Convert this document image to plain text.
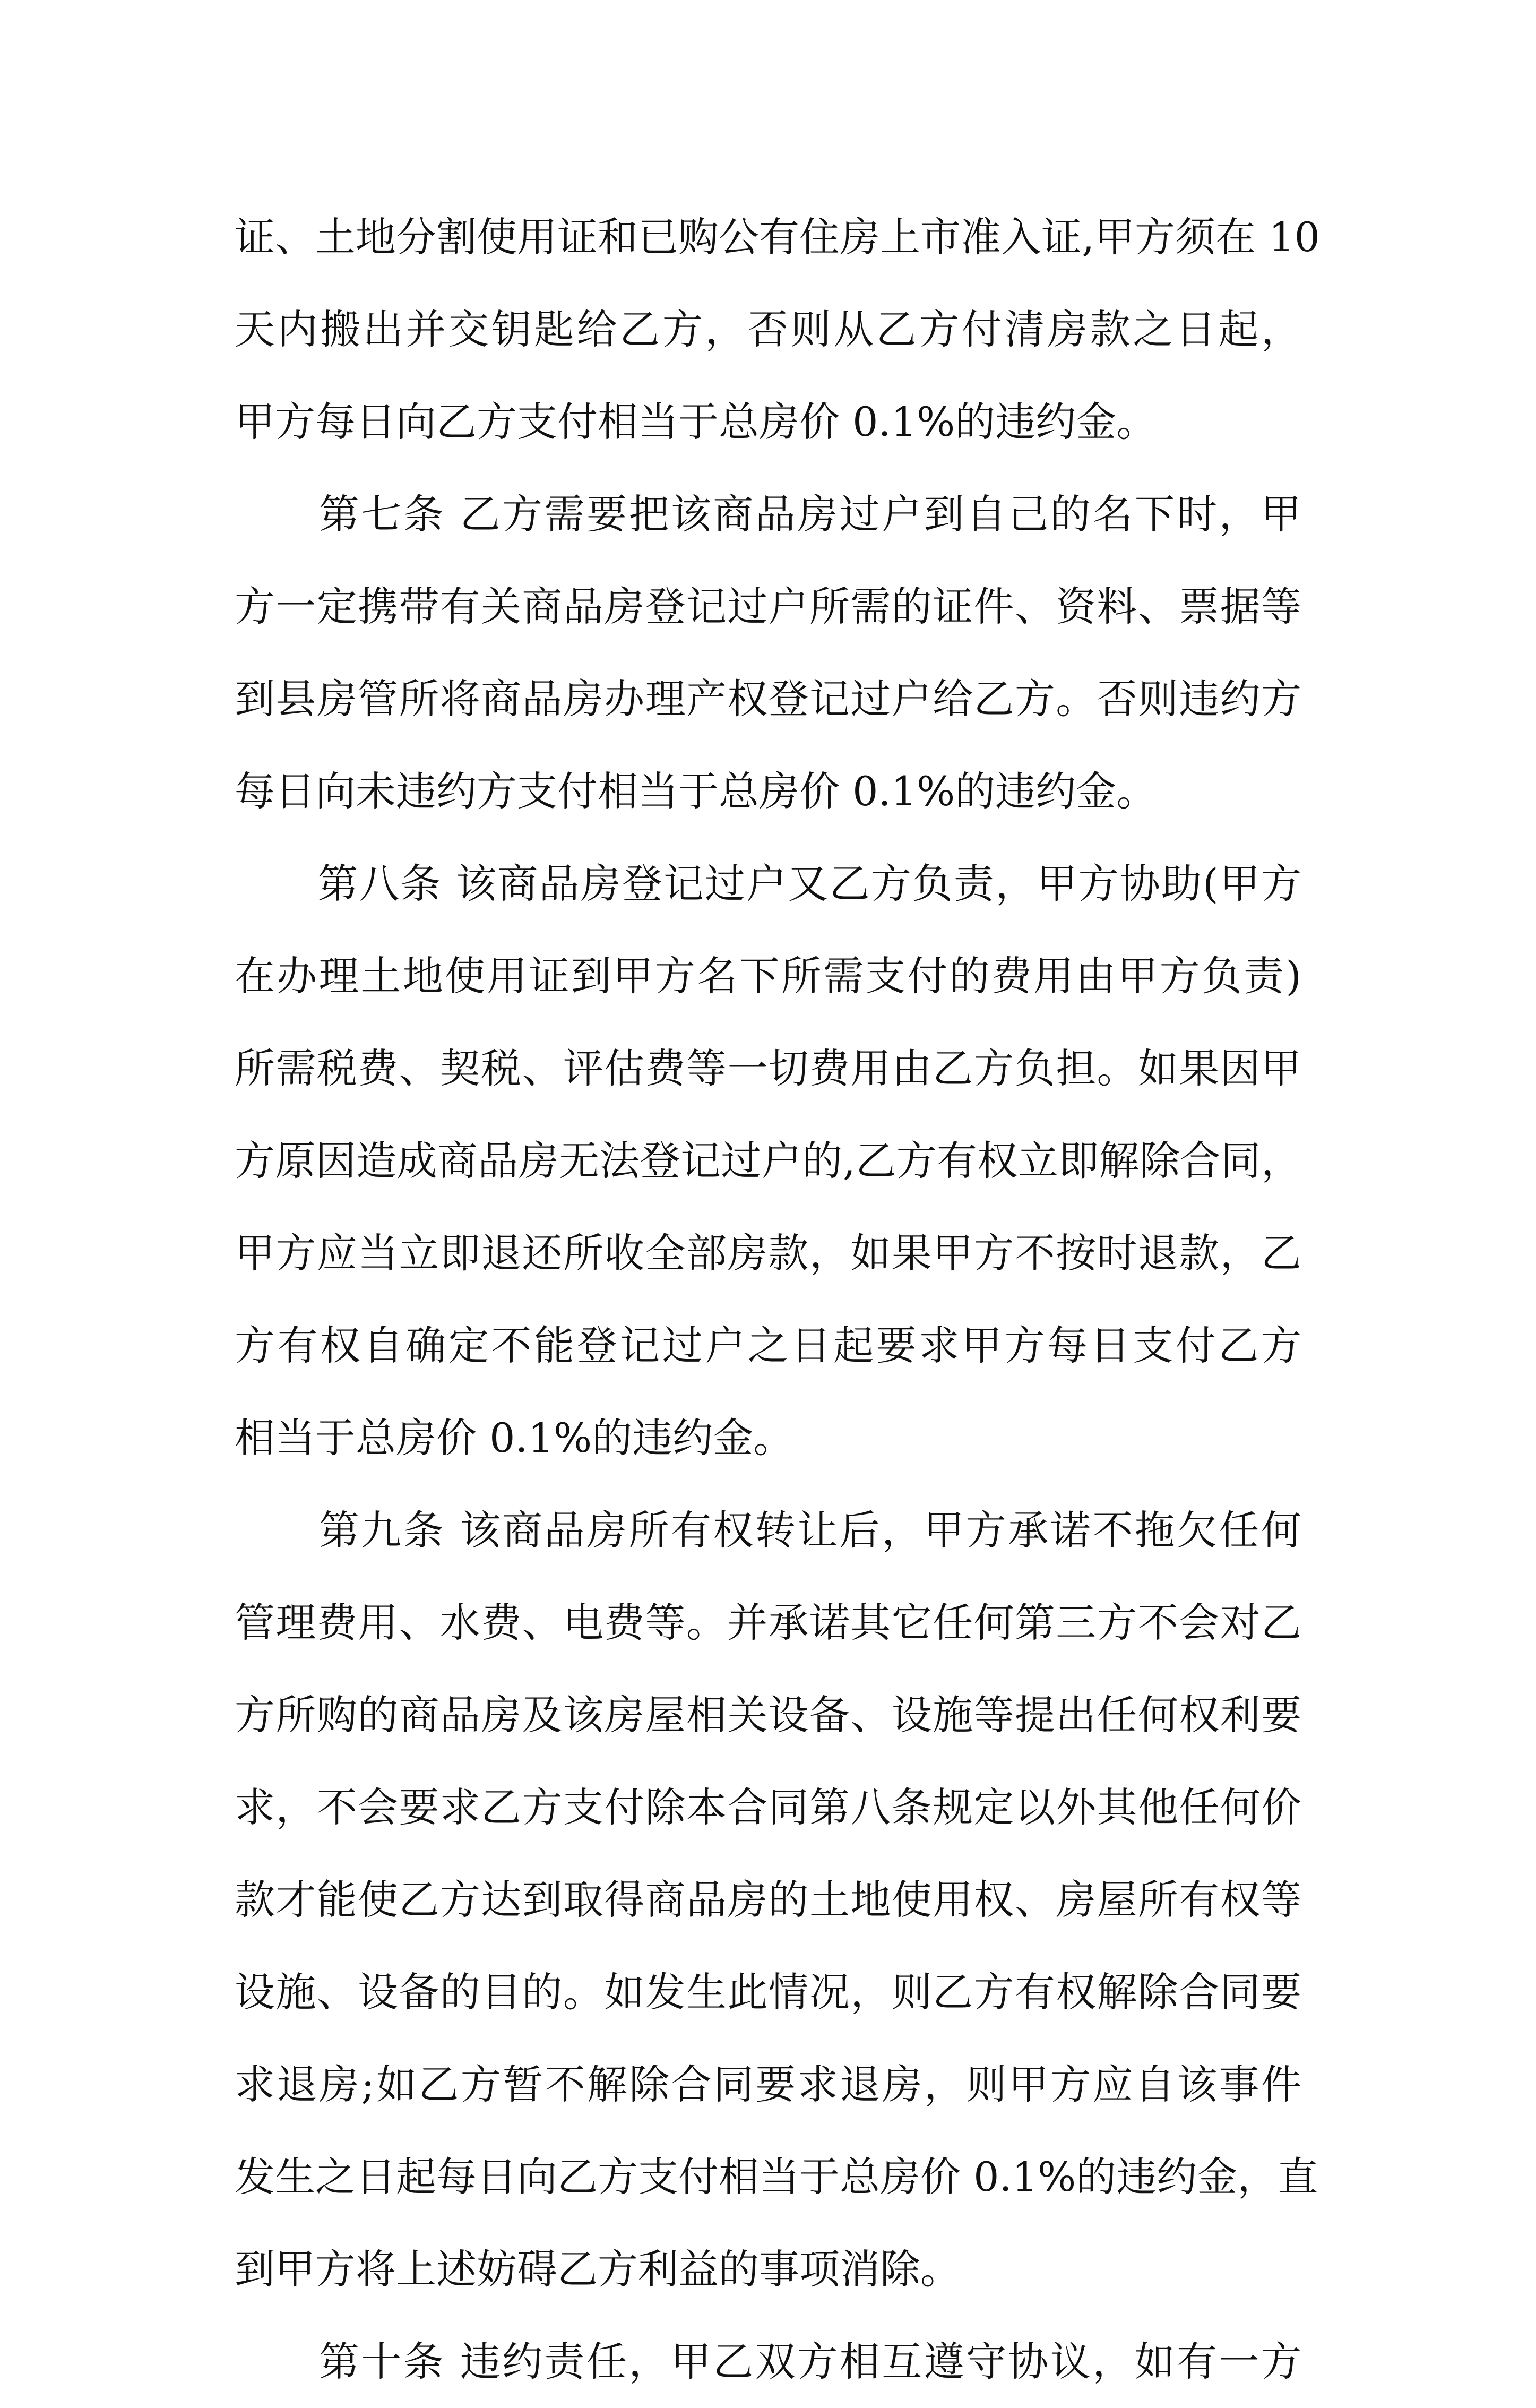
证、土地分割使用证和已购公有住房上市准入证,甲方须在 10
天内搬出并交钥匙给乙方，否则从乙方付清房款之日起，
甲方每日向乙方支付相当于总房价 0.1%的违约金。
　　第七条 乙方需要把该商品房过户到自己的名下时，甲
方一定携带有关商品房登记过户所需的证件、资料、票据等
到县房管所将商品房办理产权登记过户给乙方。否则违约方
每日向未违约方支付相当于总房价 0.1%的违约金。
　　第八条 该商品房登记过户又乙方负责，甲方协助(甲方
在办理土地使用证到甲方名下所需支付的费用由甲方负责)
所需税费、契税、评估费等一切费用由乙方负担。如果因甲
方原因造成商品房无法登记过户的,乙方有权立即解除合同，
甲方应当立即退还所收全部房款，如果甲方不按时退款，乙
方有权自确定不能登记过户之日起要求甲方每日支付乙方
相当于总房价 0.1%的违约金。
　　第九条 该商品房所有权转让后，甲方承诺不拖欠任何
管理费用、水费、电费等。并承诺其它任何第三方不会对乙
方所购的商品房及该房屋相关设备、设施等提出任何权利要
求，不会要求乙方支付除本合同第八条规定以外其他任何价
款才能使乙方达到取得商品房的土地使用权、房屋所有权等
设施、设备的目的。如发生此情况，则乙方有权解除合同要
求退房;如乙方暂不解除合同要求退房，则甲方应自该事件
发生之日起每日向乙方支付相当于总房价 0.1%的违约金，直
到甲方将上述妨碍乙方利益的事项消除。
　　第十条 违约责任，甲乙双方相互遵守协议，如有一方
